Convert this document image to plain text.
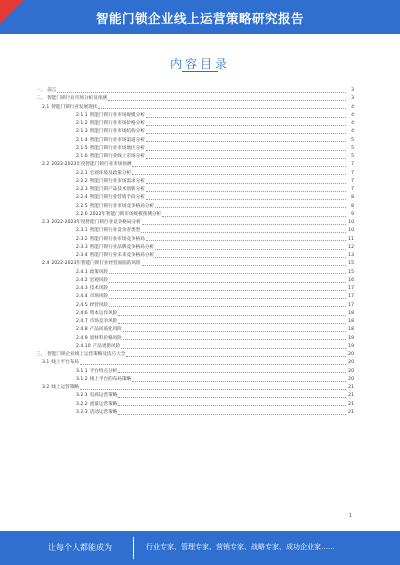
智能门锁企业线上运营策略研究报告
内容目录
一、 前言	3
二、 智能门锁行业市场分析及预测	3
2.1 智能门锁行业发展现状	4
2.1.1 智能门锁行业市场规模分析	4
2.1.2 智能门锁行业市场价格分析	4
2.1.3 智能门锁行业市场结构分析	4
2.1.4 智能门锁行业市场渠道分析	5
2.1.5 智能门锁行业市场地区分析	5
2.1.6 智能门锁行业线上市场分析	5
2.2 2022-2023年度智能门锁行业市场预测	7
2.2.1 宏观环境及政策分析	7
2.2.2 智能门锁行业市场需求分析	7
2.2.3 智能门锁产品技术创新分析	7
2.2.4 智能门锁行业营销手段分析	8
2.2.5 智能门锁行业市场竞争格局分析	8
2.2.6 2022年智能门锁市场规模预测分析	9
2.3 2022-2023年度智能门锁行业竞争格局分析	10
2.3.1 智能门锁行业竞争者类型	10
2.3.2 智能门锁行业市场竞争格局	11
2.3.3 智能门锁行业品牌竞争格局分析	12
2.3.4 智能门锁行业未来竞争格局分析	13
2.4 2022-2023年智能门锁行业经营面临的风险	15
2.4.1 政策风险	15
2.4.2 宏观风险	16
2.4.3 技术风险	17
2.4.4 市场风险	17
2.4.5 经营风险	17
2.4.6 资本运作风险	18
2.4.7 市场竞争风险	18
2.4.8 产品同质化风险	18
2.4.9 原材料价格风险	19
2.4.10 产品更新风险	19
三、 智能门锁企业线上运营策略及技巧大全	20
3.1 线上平台布局	20
3.1.1 平台特点分析	20
3.1.2 线上平台的布局策略	20
3.2 线上运营策略	21
3.2.1 电商运营策略	21
3.2.2 流量运营策略	21
3.2.3 活动运营策略	21
1
让每个人都能成为	行业专家、管理专家、营销专家、战略专家、成功企业家……
